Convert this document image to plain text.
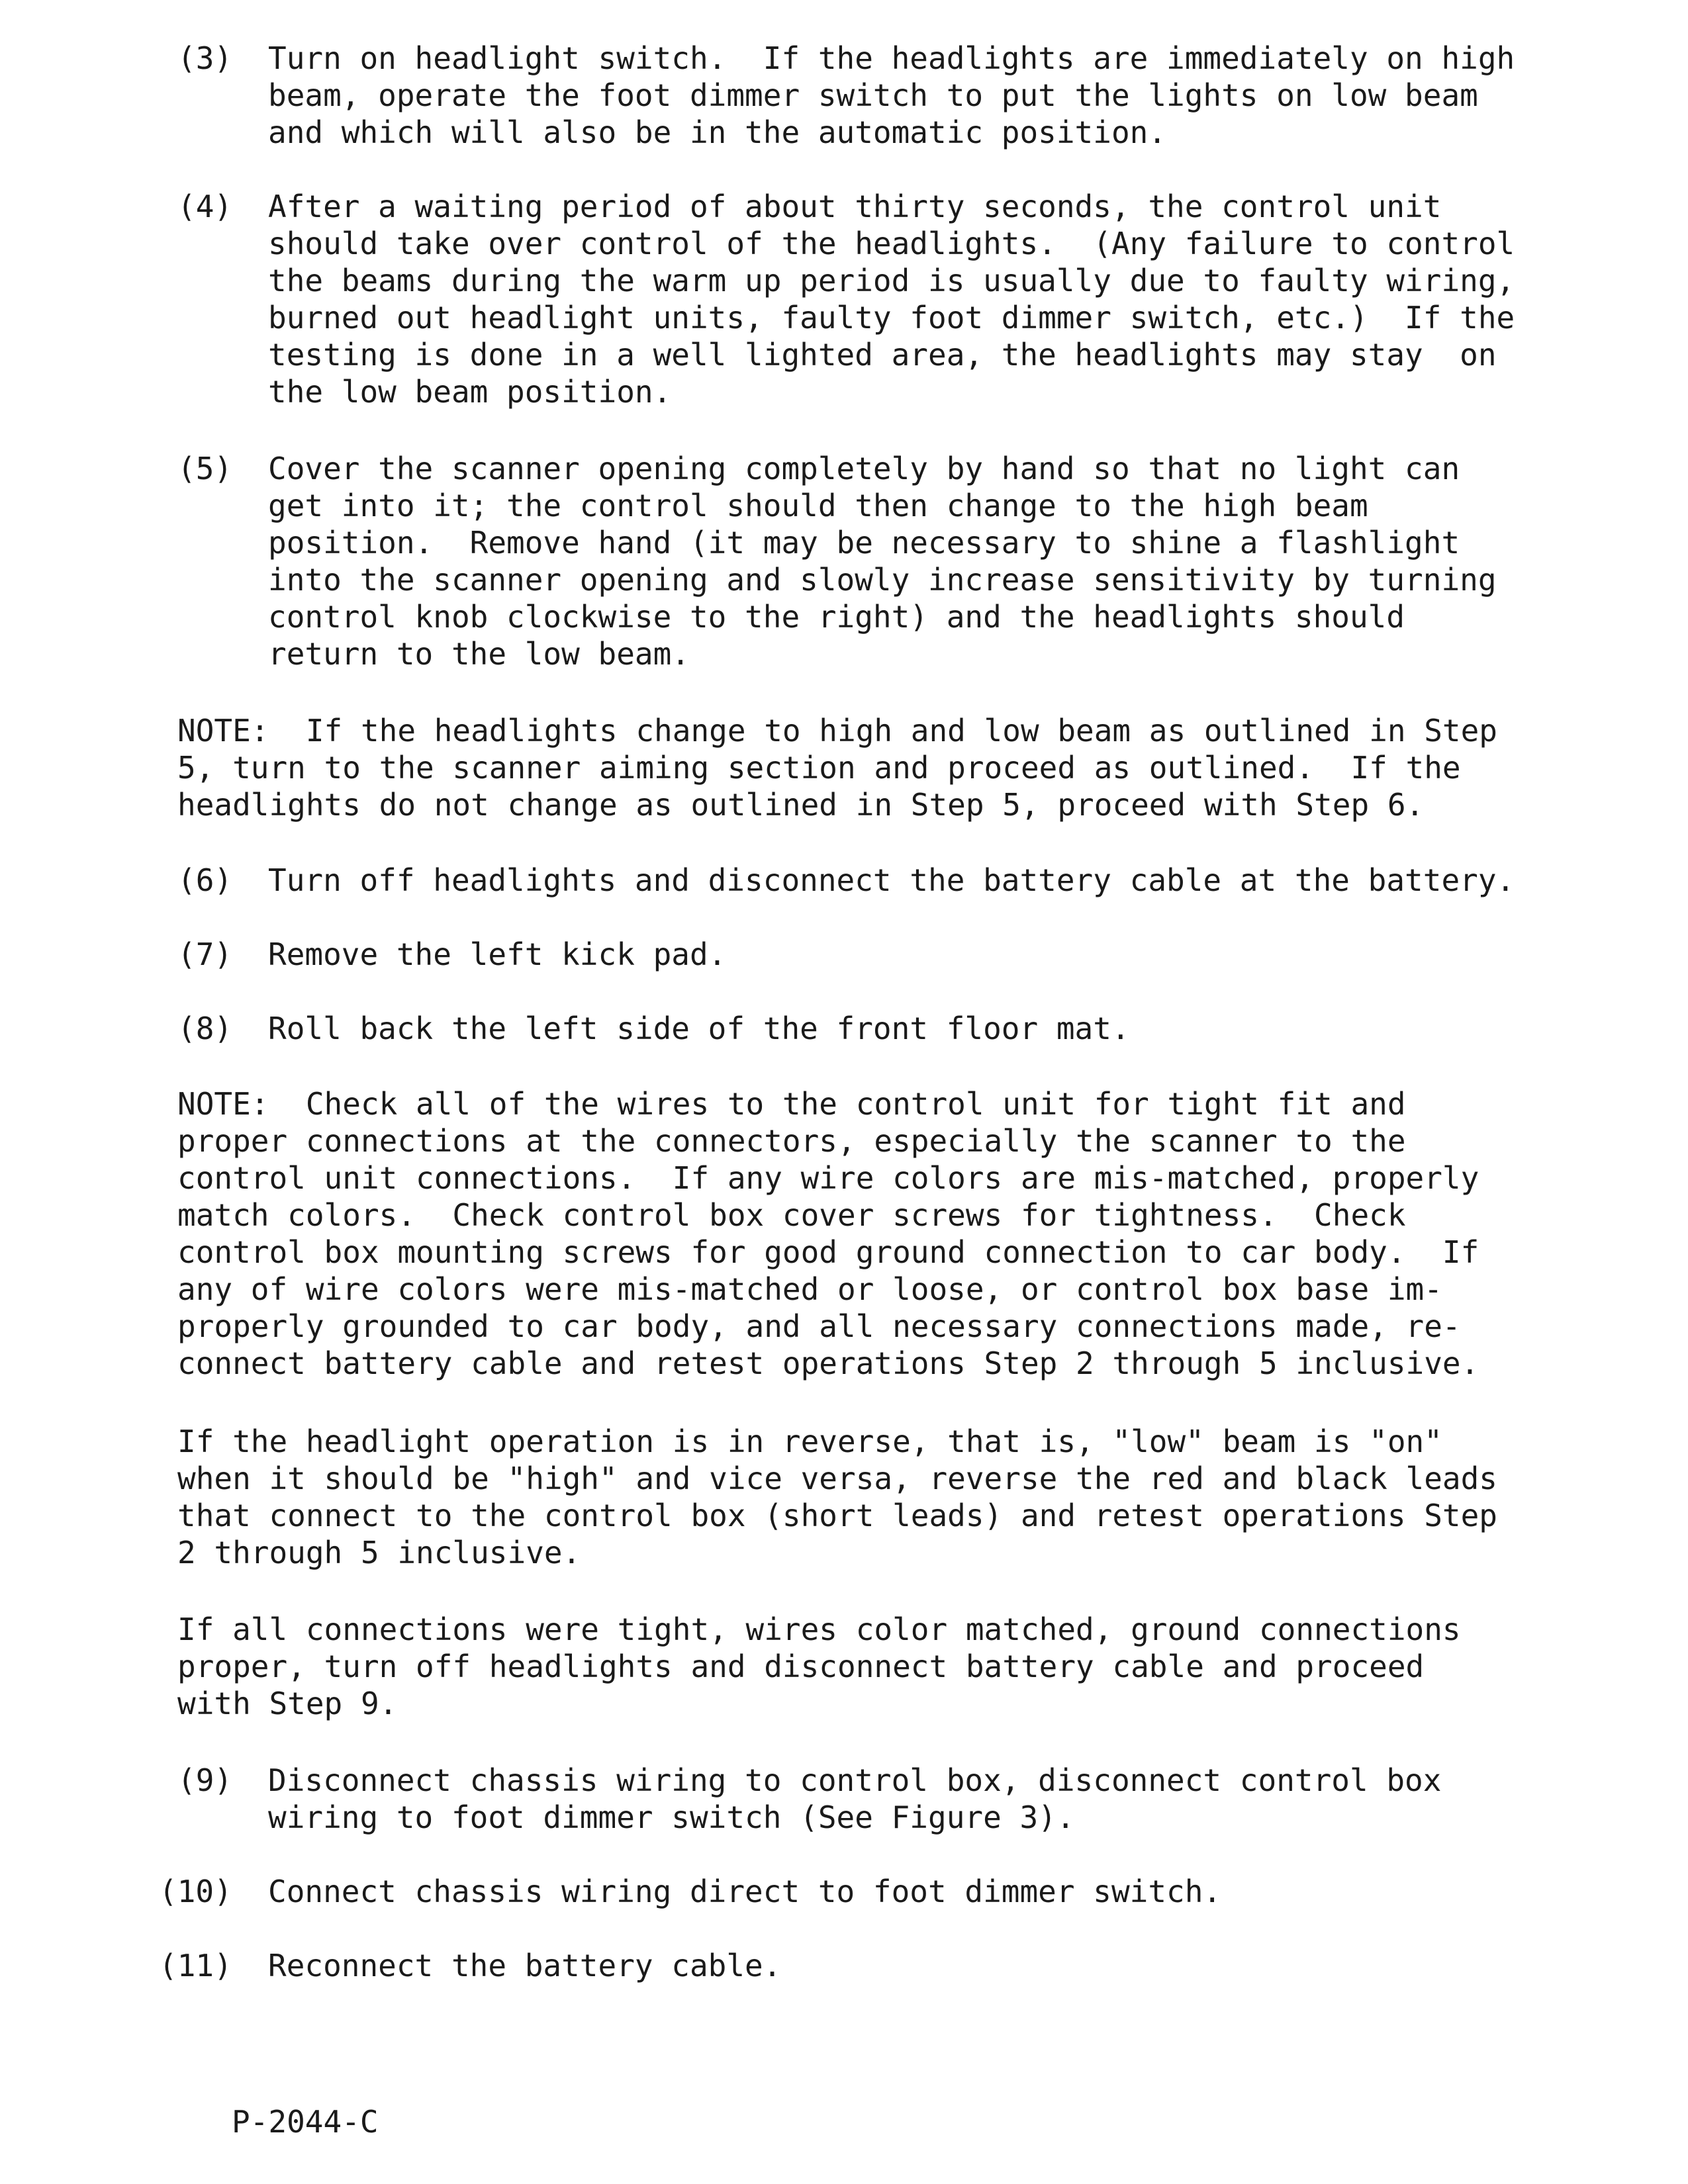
(3) Turn on headlight switch.  If the headlights are immediately on high
beam, operate the foot dimmer switch to put the lights on low beam
and which will also be in the automatic position.
(4) After a waiting period of about thirty seconds, the control unit
should take over control of the headlights.  (Any failure to control
the beams during the warm up period is usually due to faulty wiring,
burned out headlight units, faulty foot dimmer switch, etc.)  If the
testing is done in a well lighted area, the headlights may stay  on
the low beam position.
(5) Cover the scanner opening completely by hand so that no light can
get into it; the control should then change to the high beam
position.  Remove hand (it may be necessary to shine a flashlight
into the scanner opening and slowly increase sensitivity by turning
control knob clockwise to the right) and the headlights should
return to the low beam.
NOTE:  If the headlights change to high and low beam as outlined in Step
5, turn to the scanner aiming section and proceed as outlined.  If the
headlights do not change as outlined in Step 5, proceed with Step 6.
(6) Turn off headlights and disconnect the battery cable at the battery.
(7) Remove the left kick pad.
(8) Roll back the left side of the front floor mat.
NOTE:  Check all of the wires to the control unit for tight fit and
proper connections at the connectors, especially the scanner to the
control unit connections.  If any wire colors are mis-matched, properly
match colors.  Check control box cover screws for tightness.  Check
control box mounting screws for good ground connection to car body.  If
any of wire colors were mis-matched or loose, or control box base im-
properly grounded to car body, and all necessary connections made, re-
connect battery cable and retest operations Step 2 through 5 inclusive.
If the headlight operation is in reverse, that is, "low" beam is "on"
when it should be "high" and vice versa, reverse the red and black leads
that connect to the control box (short leads) and retest operations Step
2 through 5 inclusive.
If all connections were tight, wires color matched, ground connections
proper, turn off headlights and disconnect battery cable and proceed
with Step 9.
(9) Disconnect chassis wiring to control box, disconnect control box
wiring to foot dimmer switch (See Figure 3).
(10) Connect chassis wiring direct to foot dimmer switch.
(11) Reconnect the battery cable.
P-2044-C
